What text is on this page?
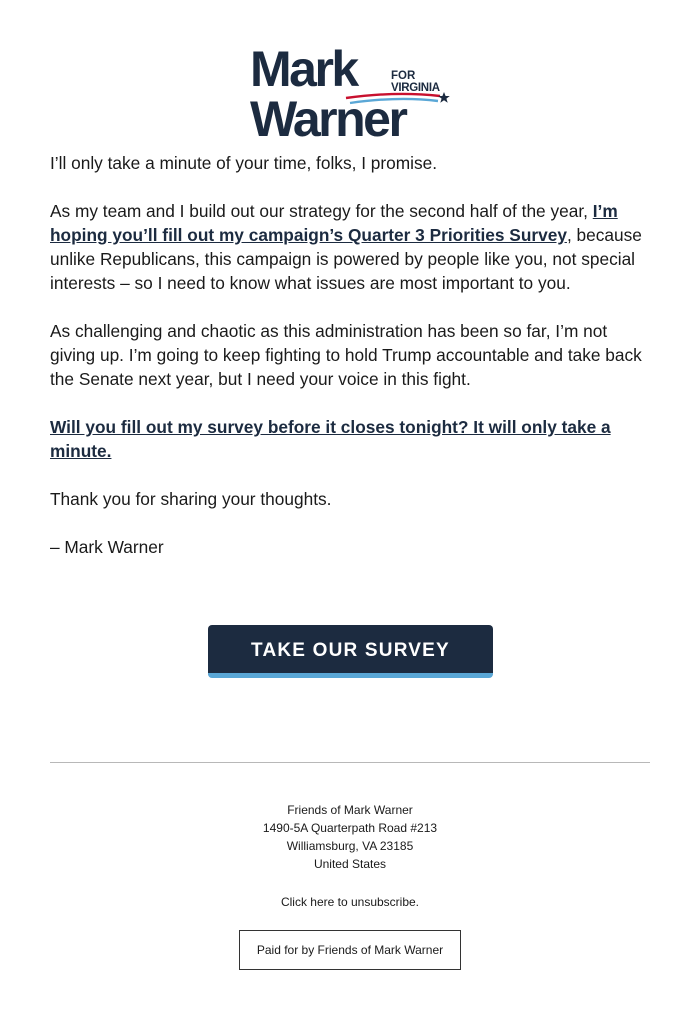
Mark
Warner
FOR
VIRGINIA

I’ll only take a minute of your time, folks, I promise.

As my team and I build out our strategy for the second half of the year, I’m hoping you’ll fill out my campaign’s Quarter 3 Priorities Survey, because unlike Republicans, this campaign is powered by people like you, not special interests – so I need to know what issues are most important to you.

As challenging and chaotic as this administration has been so far, I’m not giving up. I’m going to keep fighting to hold Trump accountable and take back the Senate next year, but I need your voice in this fight.

Will you fill out my survey before it closes tonight? It will only take a minute.

Thank you for sharing your thoughts.

– Mark Warner

TAKE OUR SURVEY
Friends of Mark Warner
1490-5A Quarterpath Road #213
Williamsburg, VA 23185
United States
Click here to unsubscribe.
Paid for by Friends of Mark Warner
